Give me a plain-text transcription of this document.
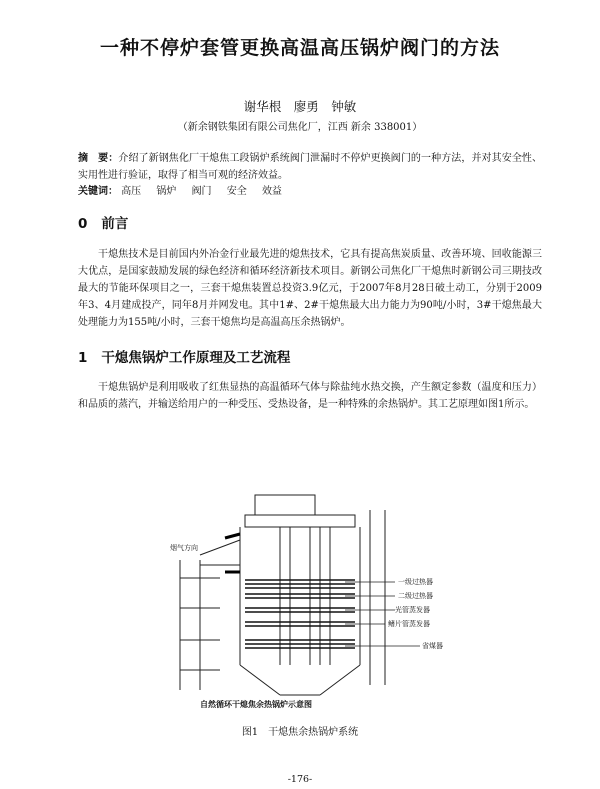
一种不停炉套管更换高温高压锅炉阀门的方法
谢华根　廖勇　钟敏
（新余钢铁集团有限公司焦化厂，江西 新余 338001）
摘　要：介绍了新钢焦化厂干熄焦工段锅炉系统阀门泄漏时不停炉更换阀门的一种方法，并对其安全性、实用性进行验证，取得了相当可观的经济效益。
关键词： 高压 锅炉 阀门 安全 效益
0 前言
干熄焦技术是目前国内外冶金行业最先进的熄焦技术，它具有提高焦炭质量、改善环境、回收能源三大优点，是国家鼓励发展的绿色经济和循环经济新技术项目。新钢公司焦化厂干熄焦时新钢公司三期技改最大的节能环保项目之一，三套干熄焦装置总投资3.9亿元，于2007年8月28日破土动工，分别于2009年3、4月建成投产，同年8月并网发电。其中1#、2#干熄焦最大出力能力为90吨/小时，3#干熄焦最大处理能力为155吨/小时，三套干熄焦均是高温高压余热锅炉。
1 干熄焦锅炉工作原理及工艺流程
干熄焦锅炉是利用吸收了红焦显热的高温循环气体与除盐纯水热交换，产生额定参数（温度和压力）和品质的蒸汽，并输送给用户的一种受压、受热设备，是一种特殊的余热锅炉。其工艺原理如图1所示。
烟气方向
一级过热器
二级过热器
光管蒸发器
鳍片管蒸发器
省煤器
自然循环干熄焦余热锅炉示意图
图1　干熄焦余热锅炉系统
-176-
